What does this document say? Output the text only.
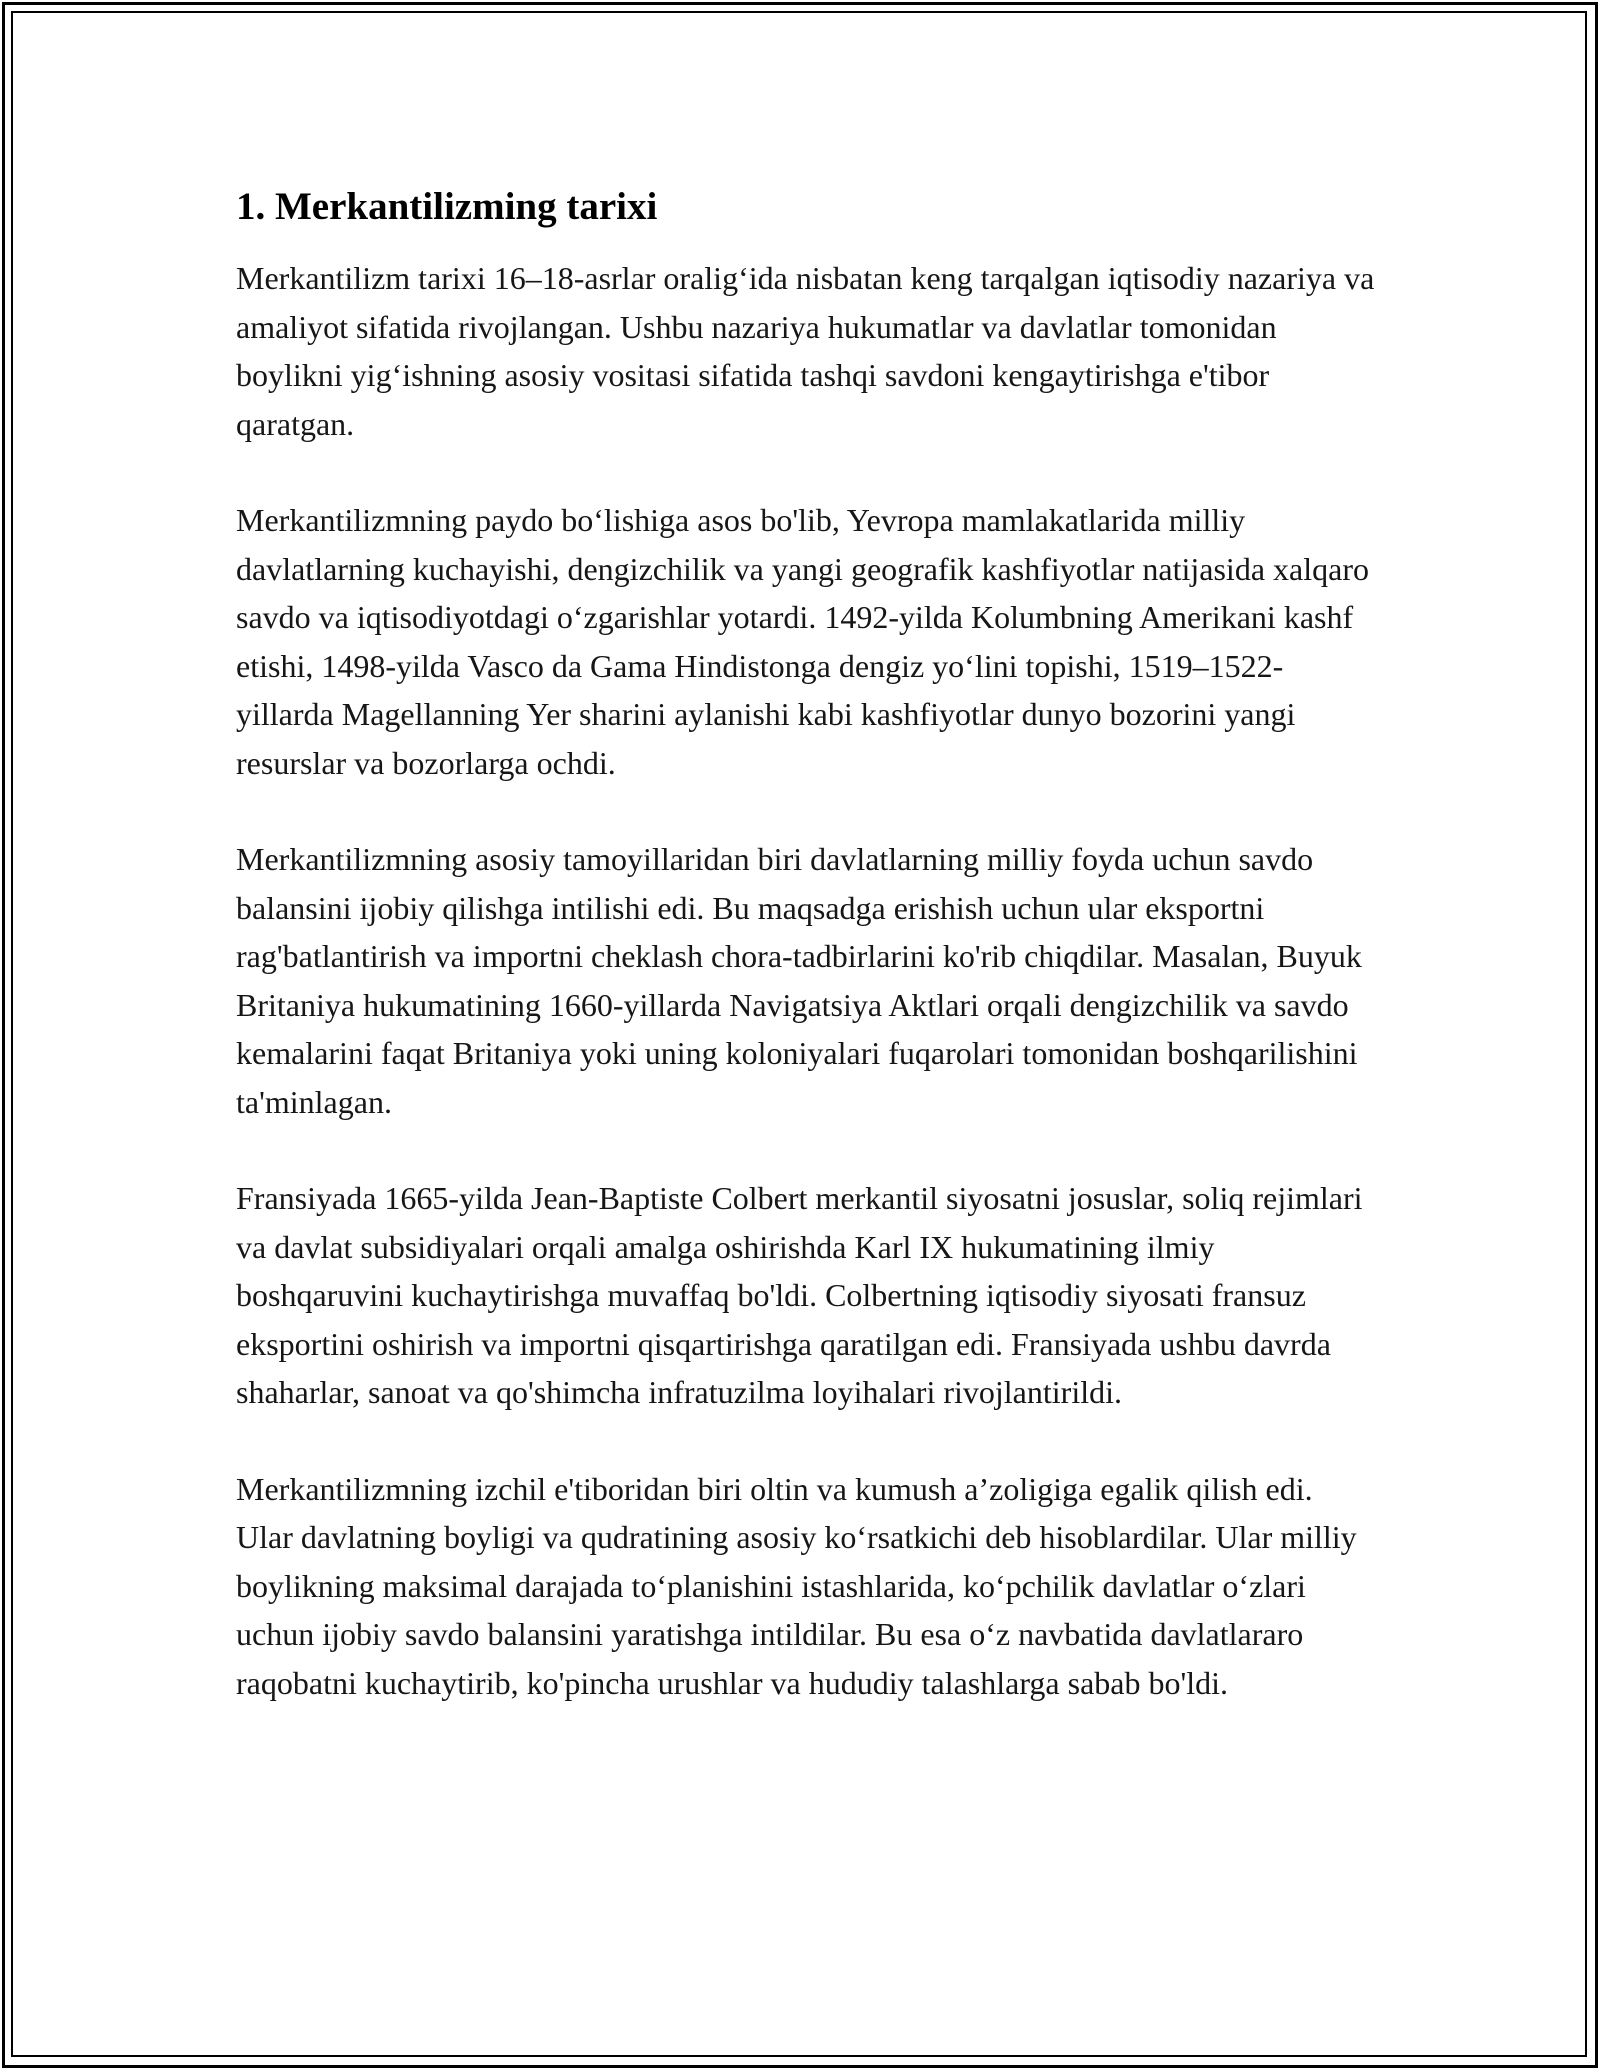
1. Merkantilizming tarixi

Merkantilizm tarixi 16–18-asrlar oralig‘ida nisbatan keng tarqalgan iqtisodiy nazariya va amaliyot sifatida rivojlangan. Ushbu nazariya hukumatlar va davlatlar tomonidan boylikni yig‘ishning asosiy vositasi sifatida tashqi savdoni kengaytirishga e'tibor qaratgan.

Merkantilizmning paydo bo‘lishiga asos bo'lib, Yevropa mamlakatlarida milliy davlatlarning kuchayishi, dengizchilik va yangi geografik kashfiyotlar natijasida xalqaro savdo va iqtisodiyotdagi o‘zgarishlar yotardi. 1492-yilda Kolumbning Amerikani kashf etishi, 1498-yilda Vasco da Gama Hindistonga dengiz yo‘lini topishi, 1519–1522-yillarda Magellanning Yer sharini aylanishi kabi kashfiyotlar dunyo bozorini yangi resurslar va bozorlarga ochdi.

Merkantilizmning asosiy tamoyillaridan biri davlatlarning milliy foyda uchun savdo balansini ijobiy qilishga intilishi edi. Bu maqsadga erishish uchun ular eksportni rag'batlantirish va importni cheklash chora-tadbirlarini ko'rib chiqdilar. Masalan, Buyuk Britaniya hukumatining 1660-yillarda Navigatsiya Aktlari orqali dengizchilik va savdo kemalarini faqat Britaniya yoki uning koloniyalari fuqarolari tomonidan boshqarilishini ta'minlagan.

Fransiyada 1665-yilda Jean-Baptiste Colbert merkantil siyosatni josuslar, soliq rejimlari va davlat subsidiyalari orqali amalga oshirishda Karl IX hukumatining ilmiy boshqaruvini kuchaytirishga muvaffaq bo'ldi. Colbertning iqtisodiy siyosati fransuz eksportini oshirish va importni qisqartirishga qaratilgan edi. Fransiyada ushbu davrda shaharlar, sanoat va qo'shimcha infratuzilma loyihalari rivojlantirildi.

Merkantilizmning izchil e'tiboridan biri oltin va kumush a’zoligiga egalik qilish edi. Ular davlatning boyligi va qudratining asosiy ko‘rsatkichi deb hisoblardilar. Ular milliy boylikning maksimal darajada to‘planishini istashlarida, ko‘pchilik davlatlar o‘zlari uchun ijobiy savdo balansini yaratishga intildilar. Bu esa o‘z navbatida davlatlararo raqobatni kuchaytirib, ko'pincha urushlar va hududiy talashlarga sabab bo'ldi.
